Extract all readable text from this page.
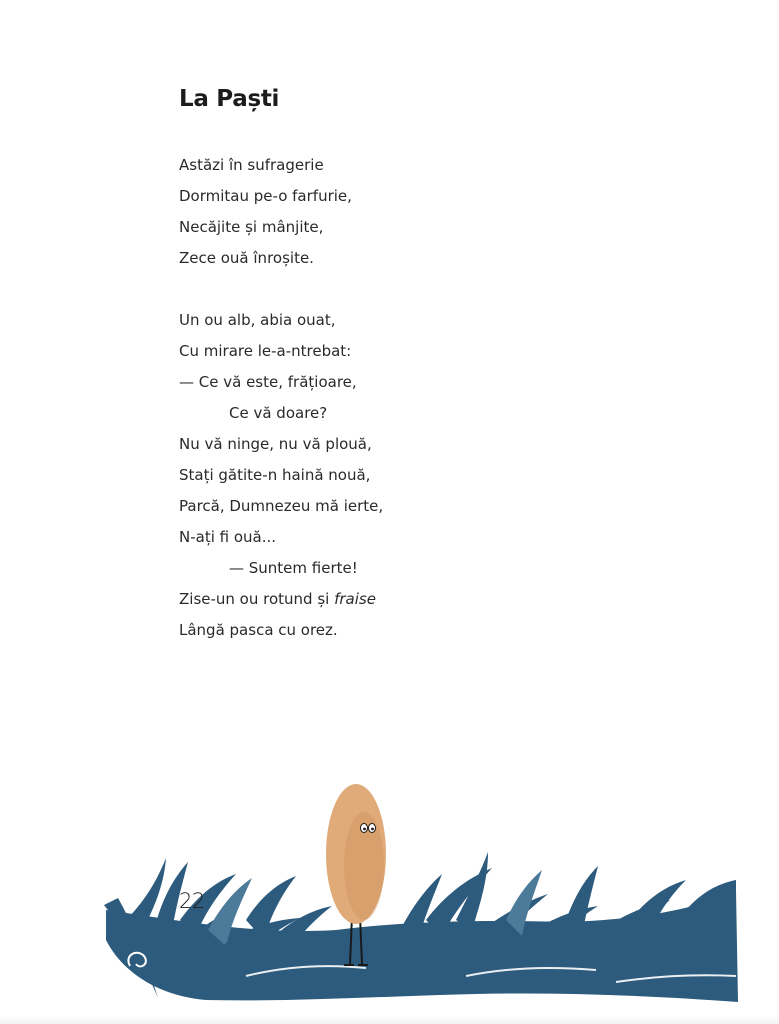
La Paști
Astăzi în sufragerie
Dormitau pe-o farfurie,
Necăjite și mânjite,
Zece ouă înroșite.
Un ou alb, abia ouat,
Cu mirare le-a-ntrebat:
— Ce vă este, frățioare,
Ce vă doare?
Nu vă ninge, nu vă plouă,
Stați gătite-n haină nouă,
Parcă, Dumnezeu mă ierte,
N-ați fi ouă...
— Suntem fierte!
Zise-un ou rotund și fraise
Lângă pasca cu orez.
22
